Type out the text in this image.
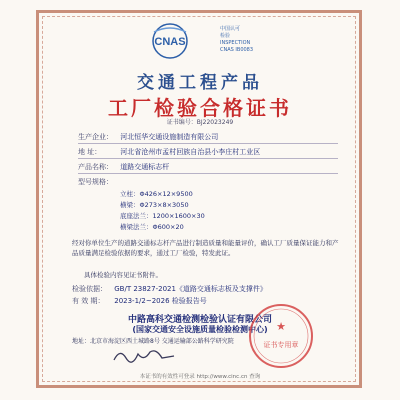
CNAS
中国认可
检验
INSPECTION
CNAS IB0083
交通工程产品
工厂检验合格证书
证书编号：BJ22023249
生产企业： 河北恒华交通设施制造有限公司
地 址：	河北省沧州市孟村回族自治县小李庄村工业区
产品名称： 道路交通标志杆
型号规格：
立柱：Φ426×12×9500
横梁：Φ273×8×3050
底座法兰：1200×1600×30
横梁法兰：Φ600×20
经对你单位生产的道路交通标志杆产品进行制造质量和能量评价，确认工厂质量保证能力和产品质量满足检验依据的要求，通过工厂检验，特发此证。
具体检验内容见证书附件。
检验依据： GB/T 23827-2021《道路交通标志板及支撑件》
有 效 期： 2023-1/2~2026 检验报告号
中路高科交通检测检验认证有限公司
(国家交通安全设施质量检验检测中心)
地址：北京市海淀区西土城路8号 交通运输部公路科学研究院
★
证书专用章
本证书的有效性可登录 http://www.cinc.cn 查询
